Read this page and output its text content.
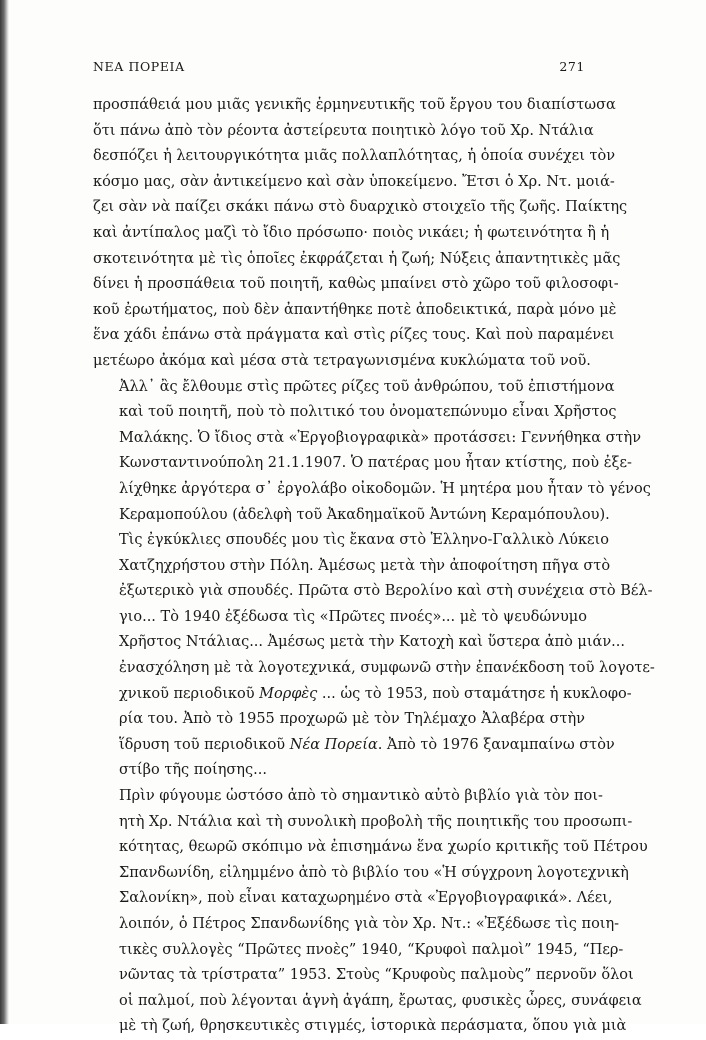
ΝΕΑ ΠΟΡΕΙΑ	271

προσπάθειά μου μιᾶς γενικῆς ἑρμηνευτικῆς τοῦ ἔργου του διαπίστωσα
ὅτι πάνω ἀπὸ τὸν ρέοντα ἀστείρευτα ποιητικὸ λόγο τοῦ Χρ. Ντάλια
δεσπόζει ἡ λειτουργικότητα μιᾶς πολλαπλότητας, ἡ ὁποία συνέχει τὸν
κόσμο μας, σὰν ἀντικείμενο καὶ σὰν ὑποκείμενο. Ἔτσι ὁ Χρ. Ντ. μοιά-
ζει σὰν νὰ παίζει σκάκι πάνω στὸ δυαρχικὸ στοιχεῖο τῆς ζωῆς. Παίκτης
καὶ ἀντίπαλος μαζὶ τὸ ἴδιο πρόσωπο· ποιὸς νικάει; ἡ φωτεινότητα ἢ ἡ
σκοτεινότητα μὲ τὶς ὁποῖες ἐκφράζεται ἡ ζωή; Νύξεις ἀπαντητικὲς μᾶς
δίνει ἡ προσπάθεια τοῦ ποιητῆ, καθὼς μπαίνει στὸ χῶρο τοῦ φιλοσοφι-
κοῦ ἐρωτήματος, ποὺ δὲν ἀπαντήθηκε ποτὲ ἀποδεικτικά, παρὰ μόνο μὲ
ἕνα χάδι ἐπάνω στὰ πράγματα καὶ στὶς ρίζες τους. Καὶ ποὺ παραμένει
μετέωρο ἀκόμα καὶ μέσα στὰ τετραγωνισμένα κυκλώματα τοῦ νοῦ.

Ἀλλ᾽ ἂς ἔλθουμε στὶς πρῶτες ρίζες τοῦ ἀνθρώπου, τοῦ ἐπιστήμονα
καὶ τοῦ ποιητῆ, ποὺ τὸ πολιτικό του ὀνοματεπώνυμο εἶναι Χρῆστος
Μαλάκης. Ὁ ἴδιος στὰ «Ἐργοβιογραφικὰ» προτάσσει: Γεννήθηκα στὴν
Κωνσταντινούπολη 21.1.1907. Ὁ πατέρας μου ἦταν κτίστης, ποὺ ἐξε-
λίχθηκε ἀργότερα σ᾽ ἐργολάβο οἰκοδομῶν. Ἡ μητέρα μου ἦταν τὸ γένος
Κεραμοπούλου (ἀδελφὴ τοῦ Ἀκαδημαϊκοῦ Ἀντώνη Κεραμόπουλου).
Τὶς ἐγκύκλιες σπουδές μου τὶς ἔκανα στὸ Ἑλληνο-Γαλλικὸ Λύκειο
Χατζηχρήστου στὴν Πόλη. Ἀμέσως μετὰ τὴν ἀποφοίτηση πῆγα στὸ
ἐξωτερικὸ γιὰ σπουδές. Πρῶτα στὸ Βερολίνο καὶ στὴ συνέχεια στὸ Βέλ-
γιο... Τὸ 1940 ἐξέδωσα τὶς «Πρῶτες πνοές»... μὲ τὸ ψευδώνυμο
Χρῆστος Ντάλιας... Ἀμέσως μετὰ τὴν Κατοχὴ καὶ ὕστερα ἀπὸ μιάν...
ἐνασχόληση μὲ τὰ λογοτεχνικά, συμφωνῶ στὴν ἐπανέκδοση τοῦ λογοτε-
χνικοῦ περιοδικοῦ Μορφὲς ... ὡς τὸ 1953, ποὺ σταμάτησε ἡ κυκλοφο-
ρία του. Ἀπὸ τὸ 1955 προχωρῶ μὲ τὸν Τηλέμαχο Ἀλαβέρα στὴν
ἵδρυση τοῦ περιοδικοῦ Νέα Πορεία. Ἀπὸ τὸ 1976 ξαναμπαίνω στὸν
στίβο τῆς ποίησης...

Πρὶν φύγουμε ὡστόσο ἀπὸ τὸ σημαντικὸ αὐτὸ βιβλίο γιὰ τὸν ποι-
ητὴ Χρ. Ντάλια καὶ τὴ συνολικὴ προβολὴ τῆς ποιητικῆς του προσωπι-
κότητας, θεωρῶ σκόπιμο νὰ ἐπισημάνω ἕνα χωρίο κριτικῆς τοῦ Πέτρου
Σπανδωνίδη, εἰλημμένο ἀπὸ τὸ βιβλίο του «Ἡ σύγχρονη λογοτεχνικὴ
Σαλονίκη», ποὺ εἶναι καταχωρημένο στὰ «Ἐργοβιογραφικά». Λέει,
λοιπόν, ὁ Πέτρος Σπανδωνίδης γιὰ τὸν Χρ. Ντ.: «Ἐξέδωσε τὶς ποιη-
τικὲς συλλογὲς “Πρῶτες πνοὲς” 1940, “Κρυφοὶ παλμοὶ” 1945, “Περ-
νῶντας τὰ τρίστρατα” 1953. Στοὺς “Κρυφοὺς παλμοὺς” περνοῦν ὅλοι
οἱ παλμοί, ποὺ λέγονται ἁγνὴ ἀγάπη, ἔρωτας, φυσικὲς ὧρες, συνάφεια
μὲ τὴ ζωή, θρησκευτικὲς στιγμές, ἱστορικὰ περάσματα, ὅπου γιὰ μιὰ
